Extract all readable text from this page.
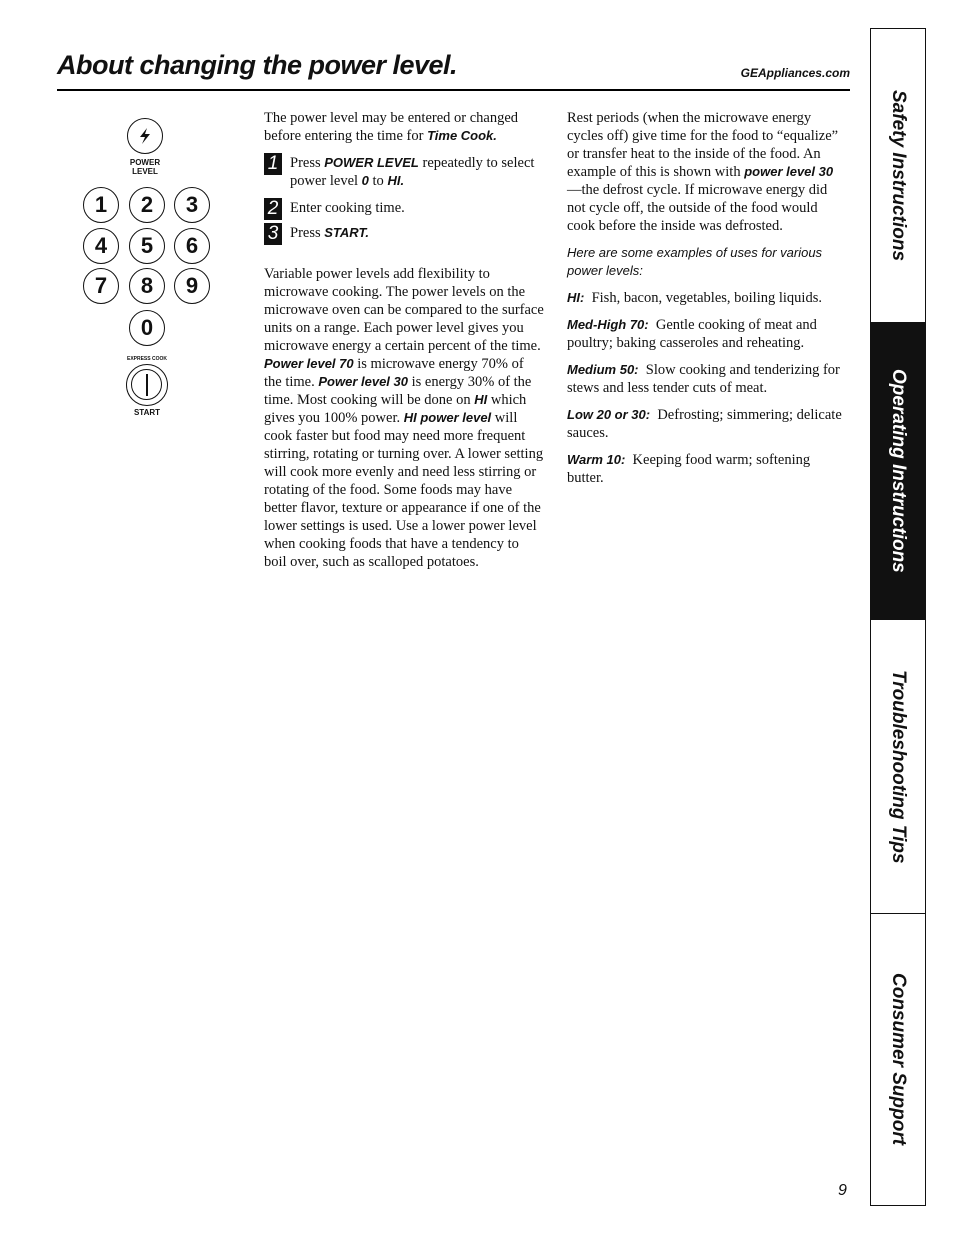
About changing the power level.	GEAppliances.com
POWER
LEVEL
1	2	3
4	5	6
7	8	9
0
EXPRESS COOK
START

The power level may be entered or changed before entering the time for Time Cook.

1 Press POWER LEVEL repeatedly to select power level 0 to HI.
2 Enter cooking time.
3 Press START.

Variable power levels add flexibility to microwave cooking. The power levels on the microwave oven can be compared to the surface units on a range. Each power level gives you microwave energy a certain percent of the time. Power level 70 is microwave energy 70% of the time. Power level 30 is energy 30% of the time. Most cooking will be done on HI which gives you 100% power. HI power level will cook faster but food may need more frequent stirring, rotating or turning over. A lower setting will cook more evenly and need less stirring or rotating of the food. Some foods may have better flavor, texture or appearance if one of the lower settings is used. Use a lower power level when cooking foods that have a tendency to boil over, such as scalloped potatoes.

Rest periods (when the microwave energy cycles off) give time for the food to “equalize” or transfer heat to the inside of the food. An example of this is shown with power level 30—the defrost cycle. If microwave energy did not cycle off, the outside of the food would cook before the inside was defrosted.

Here are some examples of uses for various power levels:

HI: Fish, bacon, vegetables, boiling liquids.

Med-High 70: Gentle cooking of meat and poultry; baking casseroles and reheating.

Medium 50: Slow cooking and tenderizing for stews and less tender cuts of meat.

Low 20 or 30: Defrosting; simmering; delicate sauces.

Warm 10: Keeping food warm; softening butter.

Safety Instructions
Operating Instructions
Troubleshooting Tips
Consumer Support
9
